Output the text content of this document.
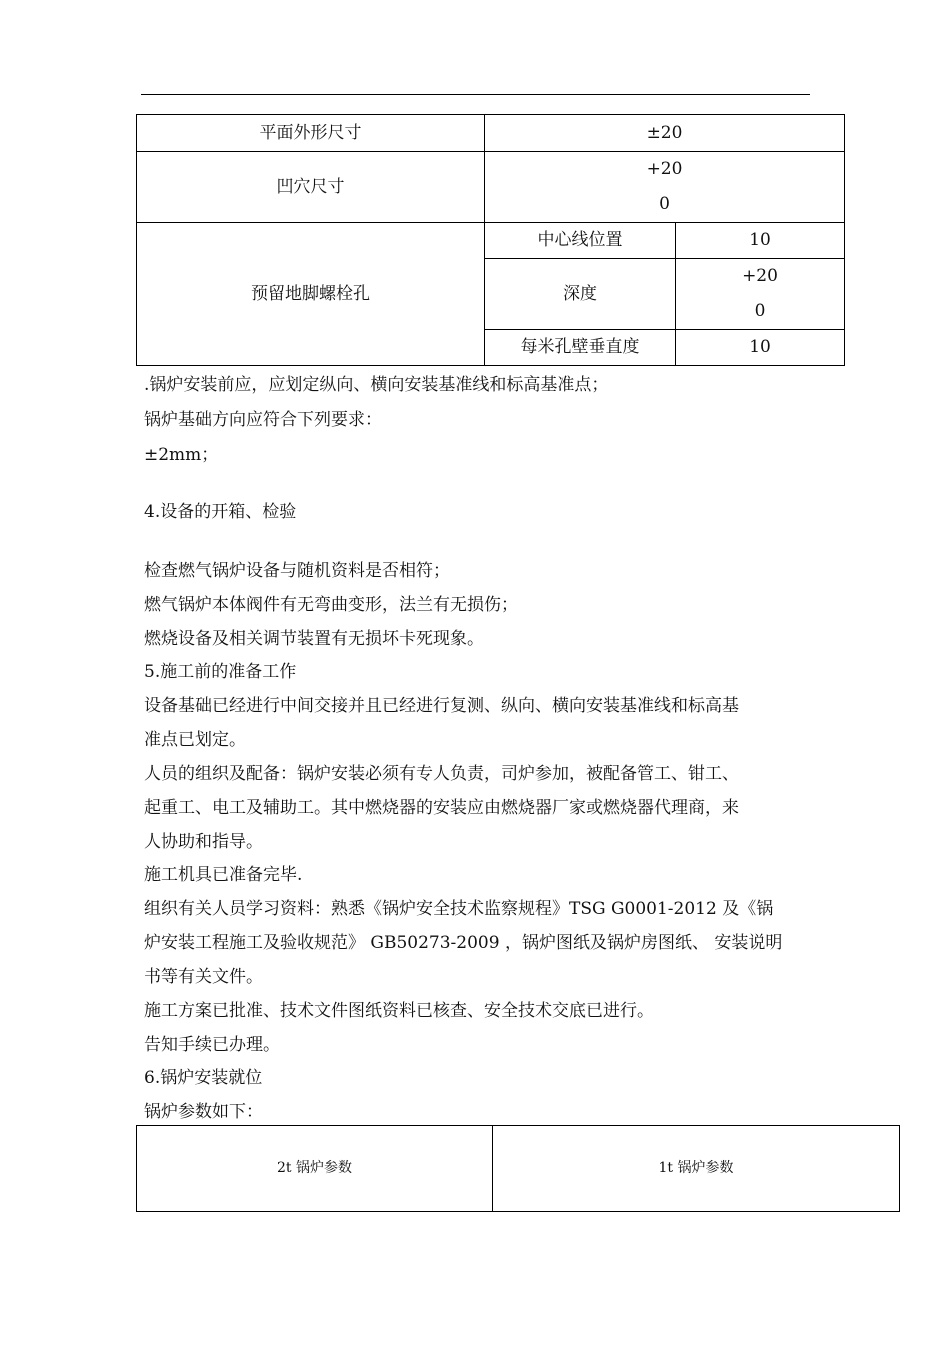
平面外形尺寸	±20	
凹穴尺寸	+20
0	

预留地脚螺栓孔	中心线位置	10
	深度	+20
0

	每米孔壁垂直度	10
.锅炉安装前应，应划定纵向、横向安装基准线和标高基准点；
锅炉基础方向应符合下列要求：
±2mm；
4.设备的开箱、检验
检查燃气锅炉设备与随机资料是否相符；
燃气锅炉本体阀件有无弯曲变形，法兰有无损伤；
燃烧设备及相关调节装置有无损坏卡死现象。
5.施工前的准备工作
设备基础已经进行中间交接并且已经进行复测、纵向、横向安装基准线和标高基
准点已划定。
人员的组织及配备：锅炉安装必须有专人负责，司炉参加，被配备管工、钳工、
起重工、电工及辅助工。其中燃烧器的安装应由燃烧器厂家或燃烧器代理商，来
人协助和指导。
施工机具已准备完毕.
组织有关人员学习资料：熟悉《锅炉安全技术监察规程》TSG G0001-2012 及《锅
炉安装工程施工及验收规范》 GB50273-2009 ，锅炉图纸及锅炉房图纸、 安装说明
书等有关文件。
施工方案已批准、技术文件图纸资料已核查、安全技术交底已进行。
告知手续已办理。
6.锅炉安装就位
锅炉参数如下：
2t 锅炉参数	1t 锅炉参数
